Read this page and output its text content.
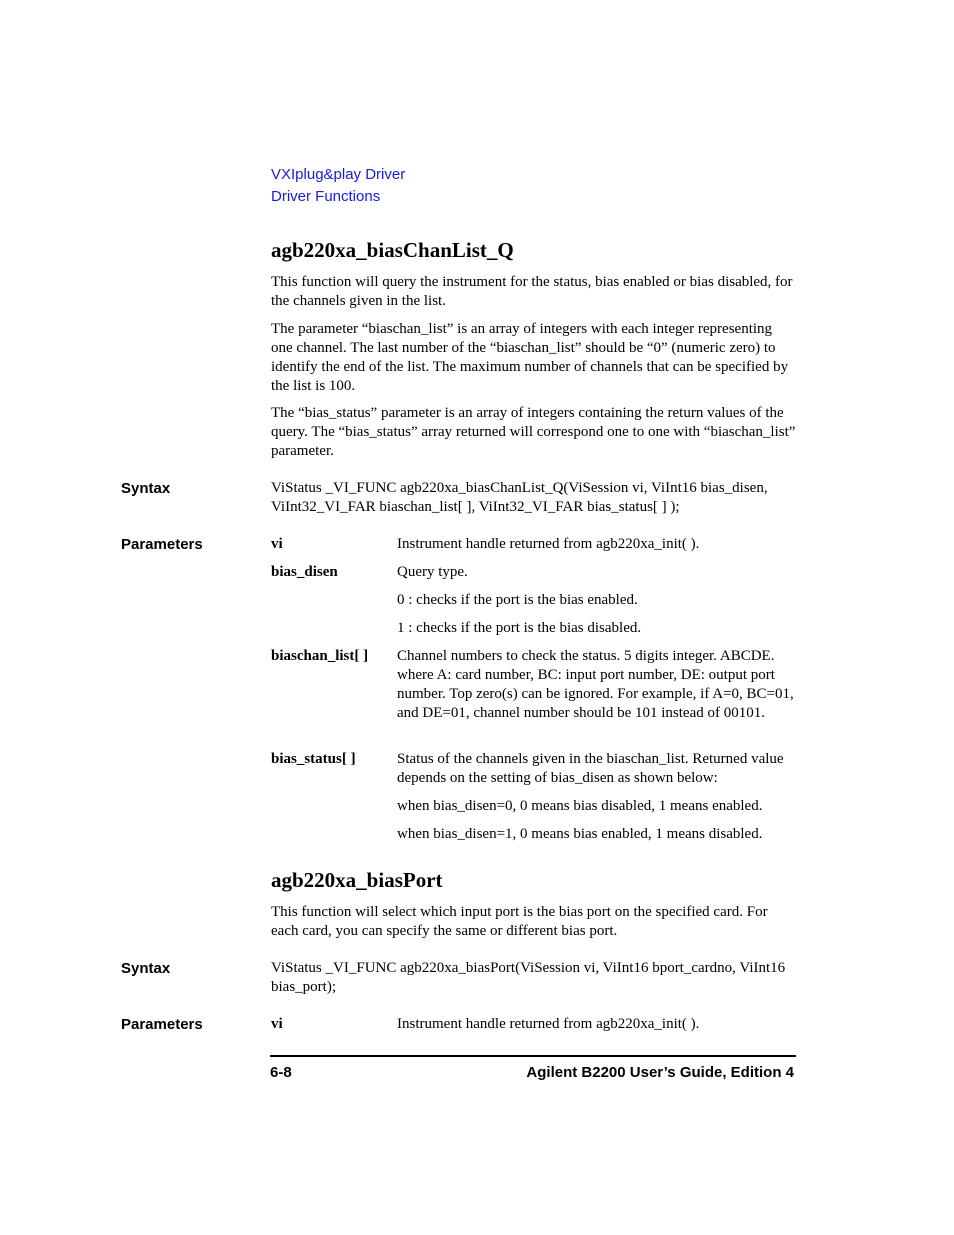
VXIplug&play Driver
Driver Functions
agb220xa_biasChanList_Q
This function will query the instrument for the status, bias enabled or bias disabled, for the channels given in the list.
The parameter “biaschan_list” is an array of integers with each integer representing one channel. The last number of the “biaschan_list” should be “0” (numeric zero) to identify the end of the list. The maximum number of channels that can be specified by the list is 100.
The “bias_status” parameter is an array of integers containing the return values of the query. The “bias_status” array returned will correspond one to one with “biaschan_list” parameter.
Syntax	ViStatus _VI_FUNC agb220xa_biasChanList_Q(ViSession vi, ViInt16 bias_disen, ViInt32_VI_FAR biaschan_list[ ], ViInt32_VI_FAR bias_status[ ] );
Parameters	vi	Instrument handle returned from agb220xa_init( ).
bias_disen	Query type.
0 : checks if the port is the bias enabled.
1 : checks if the port is the bias disabled.
biaschan_list[ ] Channel numbers to check the status. 5 digits integer. ABCDE. where A: card number, BC: input port number, DE: output port number. Top zero(s) can be ignored. For example, if A=0, BC=01, and DE=01, channel number should be 101 instead of 00101.
bias_status[ ]	Status of the channels given in the biaschan_list. Returned value depends on the setting of bias_disen as shown below:
when bias_disen=0, 0 means bias disabled, 1 means enabled.
when bias_disen=1, 0 means bias enabled, 1 means disabled.
agb220xa_biasPort
This function will select which input port is the bias port on the specified card. For each card, you can specify the same or different bias port.
Syntax	ViStatus _VI_FUNC agb220xa_biasPort(ViSession vi, ViInt16 bport_cardno, ViInt16 bias_port);
Parameters	vi	Instrument handle returned from agb220xa_init( ).
6-8	Agilent B2200 User’s Guide, Edition 4
